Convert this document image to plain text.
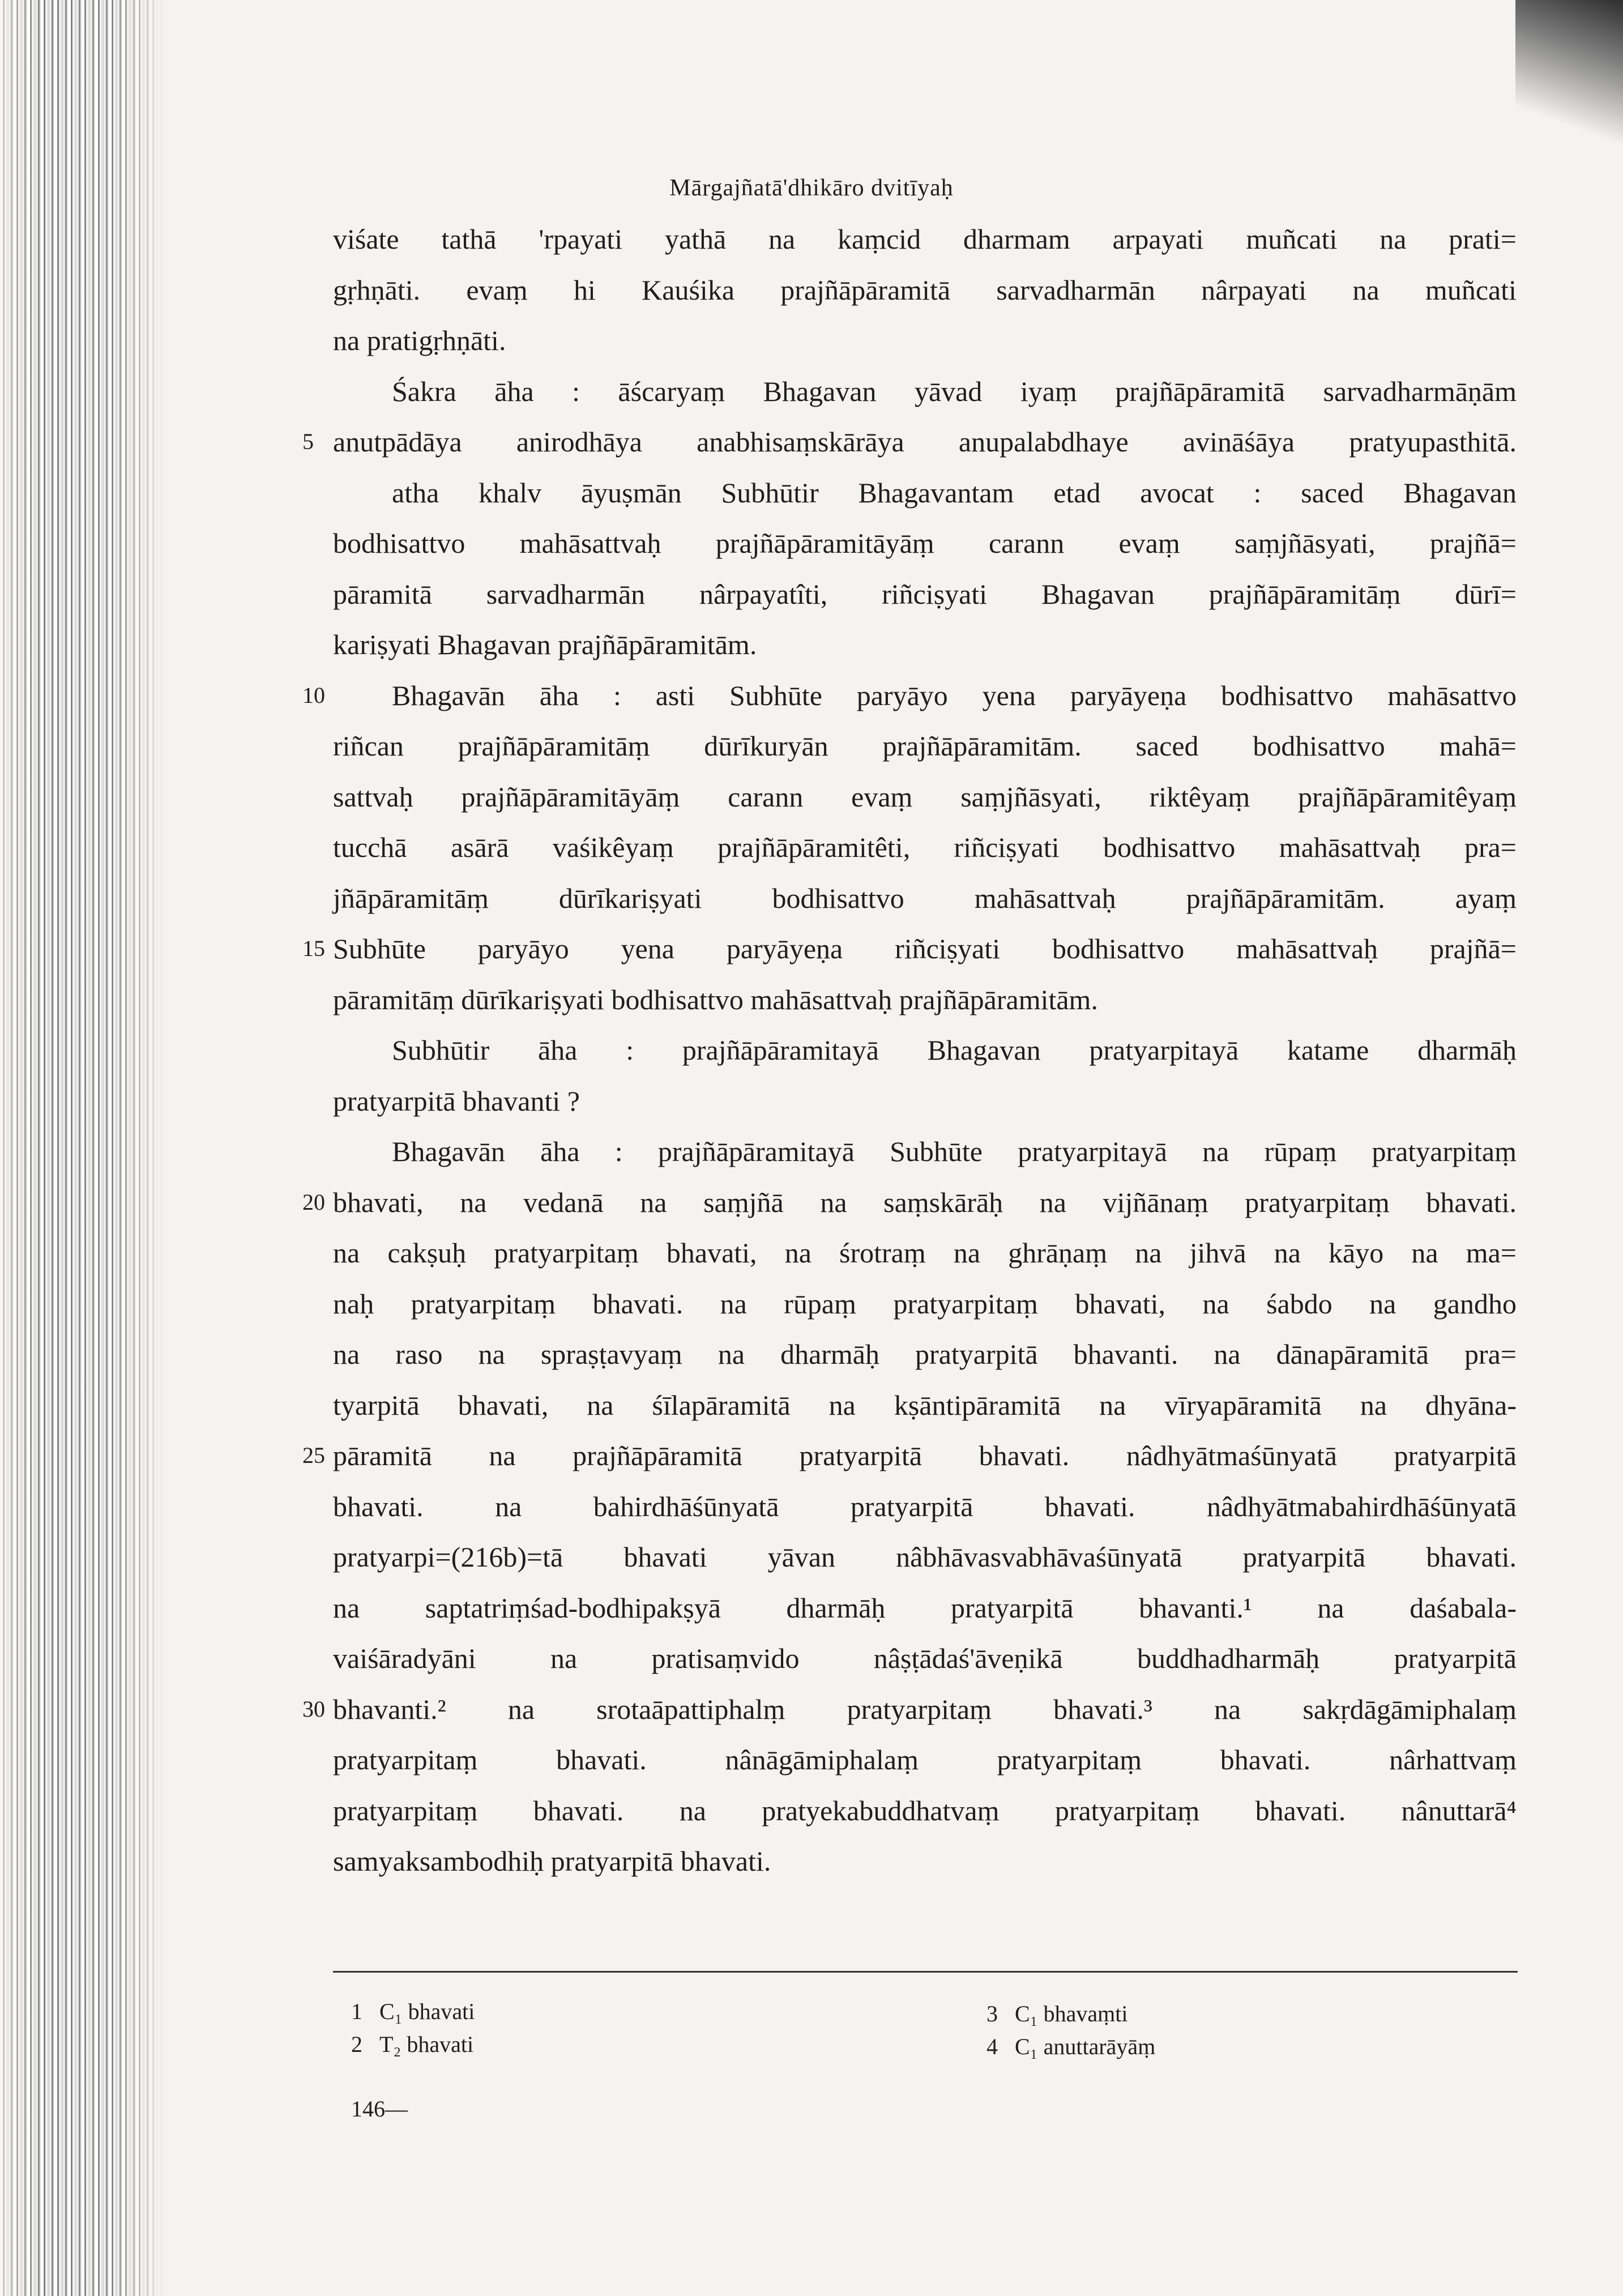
Mārgajñatā'dhikāro dvitīyaḥ
viśate tathā 'rpayati yathā na kaṃcid dharmam arpayati muñcati na prati=
gṛhṇāti. evaṃ hi Kauśika prajñāpāramitā sarvadharmān nârpayati na muñcati
na pratigṛhṇāti.
Śakra āha : āścaryaṃ Bhagavan yāvad iyaṃ prajñāpāramitā sarvadharmāṇām
anutpādāya anirodhāya anabhisaṃskārāya anupalabdhaye avināśāya pratyupasthitā.
atha khalv āyuṣmān Subhūtir Bhagavantam etad avocat : saced Bhagavan
bodhisattvo mahāsattvaḥ prajñāpāramitāyāṃ carann evaṃ saṃjñāsyati, prajñā=
pāramitā sarvadharmān nârpayatîti, riñciṣyati Bhagavan prajñāpāramitāṃ dūrī=
kariṣyati Bhagavan prajñāpāramitām.
Bhagavān āha : asti Subhūte paryāyo yena paryāyeṇa bodhisattvo mahāsattvo
riñcan prajñāpāramitāṃ dūrīkuryān prajñāpāramitām. saced bodhisattvo mahā=
sattvaḥ prajñāpāramitāyāṃ carann evaṃ saṃjñāsyati, riktêyaṃ prajñāpāramitêyaṃ
tucchā asārā vaśikêyaṃ prajñāpāramitêti, riñciṣyati bodhisattvo mahāsattvaḥ pra=
jñāpāramitāṃ dūrīkariṣyati bodhisattvo mahāsattvaḥ prajñāpāramitām. ayaṃ
Subhūte paryāyo yena paryāyeṇa riñciṣyati bodhisattvo mahāsattvaḥ prajñā=
pāramitāṃ dūrīkariṣyati bodhisattvo mahāsattvaḥ prajñāpāramitām.
Subhūtir āha : prajñāpāramitayā Bhagavan pratyarpitayā katame dharmāḥ
pratyarpitā bhavanti ?
Bhagavān āha : prajñāpāramitayā Subhūte pratyarpitayā na rūpaṃ pratyarpitaṃ
bhavati, na vedanā na saṃjñā na saṃskārāḥ na vijñānaṃ pratyarpitaṃ bhavati.
na cakṣuḥ pratyarpitaṃ bhavati, na śrotraṃ na ghrāṇaṃ na jihvā na kāyo na ma=
naḥ pratyarpitaṃ bhavati. na rūpaṃ pratyarpitaṃ bhavati, na śabdo na gandho
na raso na spraṣṭavyaṃ na dharmāḥ pratyarpitā bhavanti. na dānapāramitā pra=
tyarpitā bhavati, na śīlapāramitā na kṣāntipāramitā na vīryapāramitā na dhyāna-
pāramitā na prajñāpāramitā pratyarpitā bhavati. nâdhyātmaśūnyatā pratyarpitā
bhavati. na bahirdhāśūnyatā pratyarpitā bhavati. nâdhyātmabahirdhāśūnyatā
pratyarpi=(216b)=tā bhavati yāvan nâbhāvasvabhāvaśūnyatā pratyarpitā bhavati.
na saptatriṃśad-bodhipakṣyā dharmāḥ pratyarpitā bhavanti.¹ na daśabala-
vaiśāradyāni na pratisaṃvido nâṣṭādaś'āveṇikā buddhadharmāḥ pratyarpitā
bhavanti.² na srotaāpattiphalṃ pratyarpitaṃ bhavati.³ na sakṛdāgāmiphalaṃ
pratyarpitaṃ bhavati. nânāgāmiphalaṃ pratyarpitaṃ bhavati. nârhattvaṃ
pratyarpitaṃ bhavati. na pratyekabuddhatvaṃ pratyarpitaṃ bhavati. nânuttarā⁴
samyaksambodhiḥ pratyarpitā bhavati.
5
10
15
20
25
30
1 C₁ bhavati
2 T₂ bhavati
3 C₁ bhavaṃti
4 C₁ anuttarāyāṃ
146—
